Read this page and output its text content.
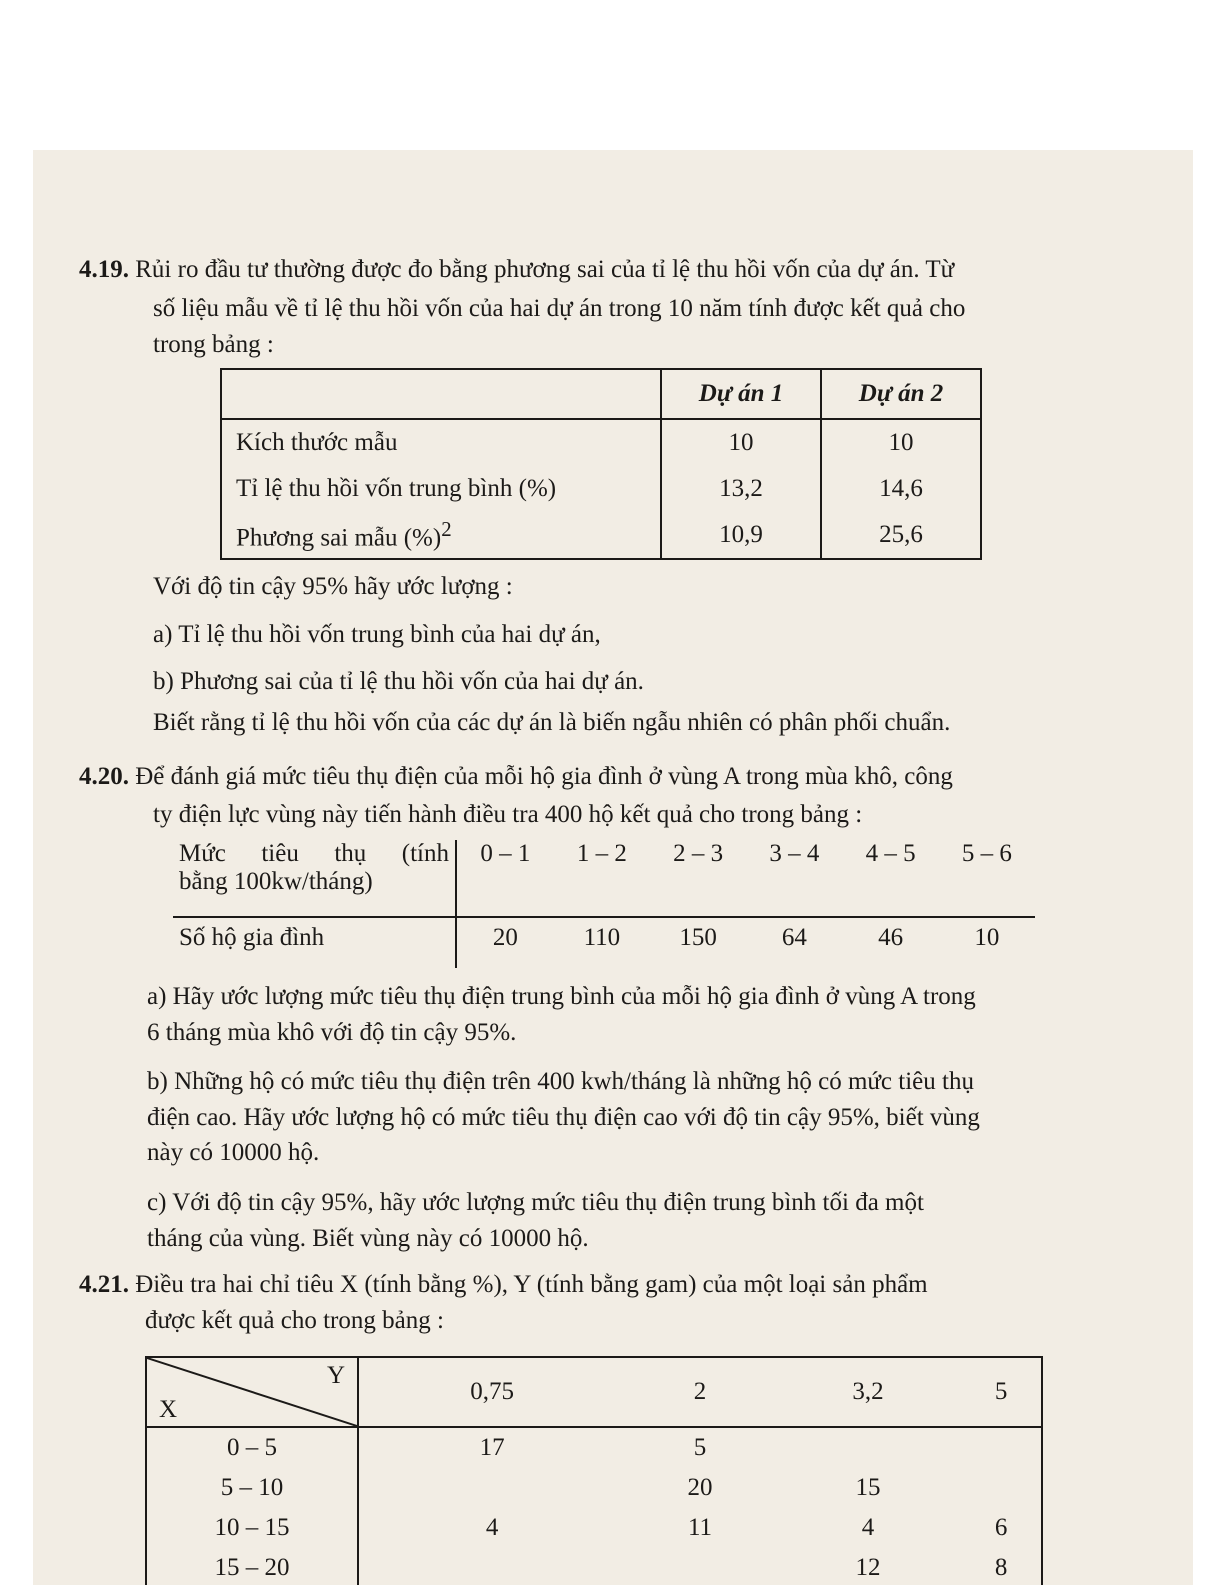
4.19. Rủi ro đầu tư thường được đo bằng phương sai của tỉ lệ thu hồi vốn của dự án. Từ
số liệu mẫu về tỉ lệ thu hồi vốn của hai dự án trong 10 năm tính được kết quả cho
trong bảng :
	Dự án 1	Dự án 2
Kích thước mẫu	10	10
Tỉ lệ thu hồi vốn trung bình (%)	13,2	14,6
Phương sai mẫu (%)$^2$	10,9	25,6
Với độ tin cậy 95% hãy ước lượng :
a) Tỉ lệ thu hồi vốn trung bình của hai dự án,
b) Phương sai của tỉ lệ thu hồi vốn của hai dự án.
Biết rằng tỉ lệ thu hồi vốn của các dự án là biến ngẫu nhiên có phân phối chuẩn.
4.20. Để đánh giá mức tiêu thụ điện của mỗi hộ gia đình ở vùng A trong mùa khô, công
ty điện lực vùng này tiến hành điều tra 400 hộ kết quả cho trong bảng :
Mức tiêu thụ (tính
bằng 100kw/tháng)	0 – 1	1 – 2	2 – 3	3 – 4	4 – 5	5 – 6
Số hộ gia đình	20	110	150	64	46	10
a) Hãy ước lượng mức tiêu thụ điện trung bình của mỗi hộ gia đình ở vùng A trong
6 tháng mùa khô với độ tin cậy 95%.
b) Những hộ có mức tiêu thụ điện trên 400 kwh/tháng là những hộ có mức tiêu thụ
điện cao. Hãy ước lượng hộ có mức tiêu thụ điện cao với độ tin cậy 95%, biết vùng
này có 10000 hộ.
c) Với độ tin cậy 95%, hãy ước lượng mức tiêu thụ điện trung bình tối đa một
tháng của vùng. Biết vùng này có 10000 hộ.
4.21. Điều tra hai chỉ tiêu X (tính bằng %), Y (tính bằng gam) của một loại sản phẩm
được kết quả cho trong bảng :
Y
X	0,75	2	3,2	5
0 – 5	17	5		
5 – 10		20	15	
10 – 15	4	11	4	6
15 – 20			12	8
